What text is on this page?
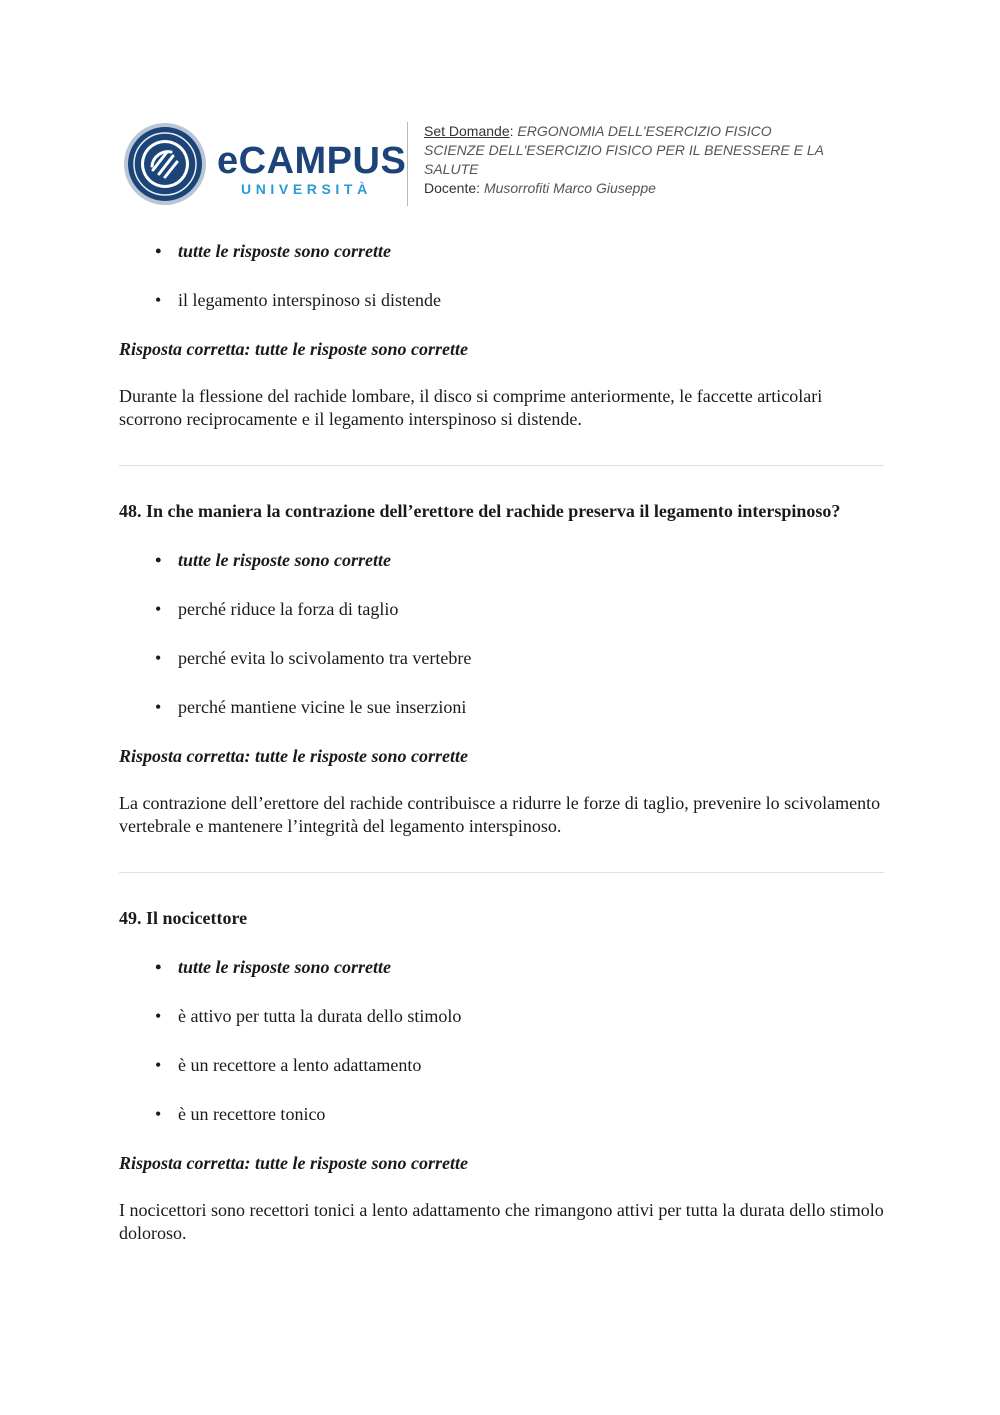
eCAMPUS
UNIVERSITÀ
Set Domande: ERGONOMIA DELL'ESERCIZIO FISICO
SCIENZE DELL'ESERCIZIO FISICO PER IL BENESSERE E LA SALUTE
Docente: Musorrofiti Marco Giuseppe
• tutte le risposte sono corrette
• il legamento interspinoso si distende

Risposta corretta: tutte le risposte sono corrette

Durante la flessione del rachide lombare, il disco si comprime anteriormente, le faccette articolari scorrono reciprocamente e il legamento interspinoso si distende.

48. In che maniera la contrazione dell’erettore del rachide preserva il legamento interspinoso?

• tutte le risposte sono corrette
• perché riduce la forza di taglio
• perché evita lo scivolamento tra vertebre
• perché mantiene vicine le sue inserzioni

Risposta corretta: tutte le risposte sono corrette

La contrazione dell’erettore del rachide contribuisce a ridurre le forze di taglio, prevenire lo scivolamento vertebrale e mantenere l’integrità del legamento interspinoso.

49. Il nocicettore

• tutte le risposte sono corrette
• è attivo per tutta la durata dello stimolo
• è un recettore a lento adattamento
• è un recettore tonico

Risposta corretta: tutte le risposte sono corrette

I nocicettori sono recettori tonici a lento adattamento che rimangono attivi per tutta la durata dello stimolo doloroso.
